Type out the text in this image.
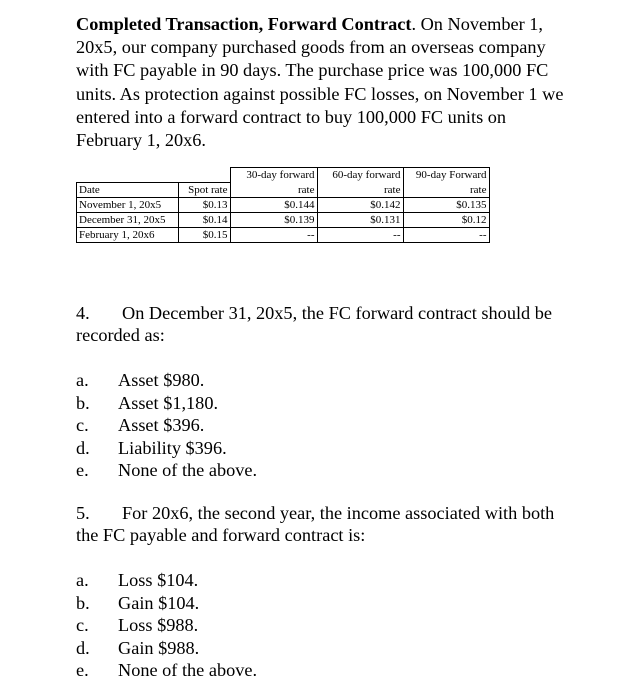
Completed Transaction, Forward Contract. On November 1, 20x5, our company purchased goods from an overseas company with FC payable in 90 days. The purchase price was 100,000 FC units. As protection against possible FC losses, on November 1 we entered into a forward contract to buy 100,000 FC units on February 1, 20x6.
		30-day forward	60-day forward	90-day Forward
Date	Spot rate	rate	rate	rate
November 1, 20x5	$0.13	$0.144	$0.142	$0.135
December 31, 20x5	$0.14	$0.139	$0.131	$0.12
February 1, 20x6	$0.15	--	--	--
4. On December 31, 20x5, the FC forward contract should be recorded as:
a.	Asset $980.
b.	Asset $1,180.
c.	Asset $396.
d.	Liability $396.
e.	None of the above.
5. For 20x6, the second year, the income associated with both the FC payable and forward contract is:
a.	Loss $104.
b.	Gain $104.
c.	Loss $988.
d.	Gain $988.
e.	None of the above.
